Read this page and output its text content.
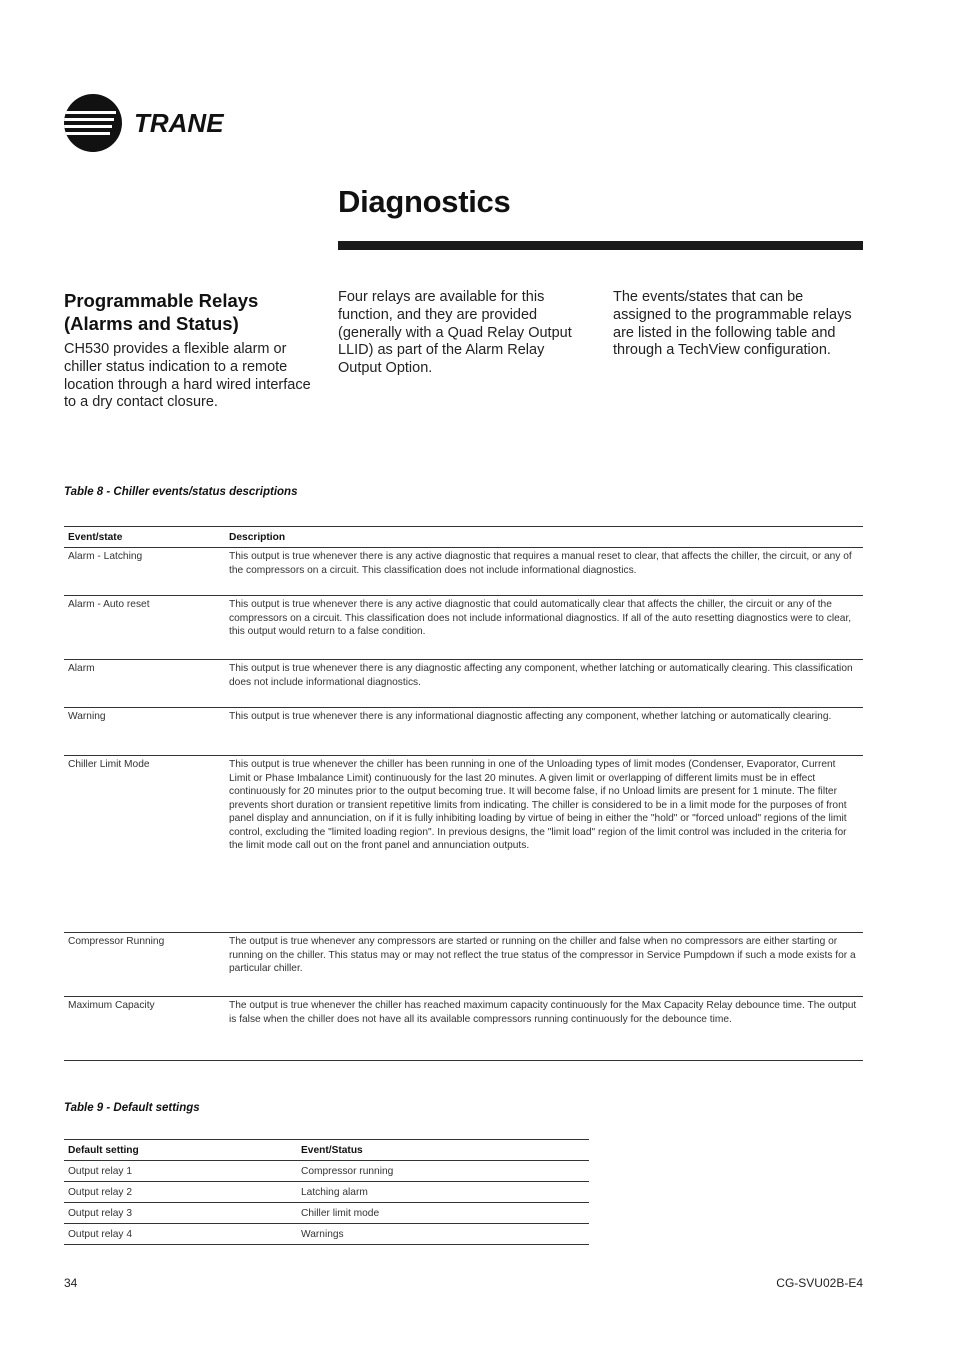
TRANE
Diagnostics
Programmable Relays (Alarms and Status)

CH530 provides a flexible alarm or chiller status indication to a remote location through a hard wired interface to a dry contact closure.

Four relays are available for this function, and they are provided (generally with a Quad Relay Output LLID) as part of the Alarm Relay Output Option.

The events/states that can be assigned to the programmable relays are listed in the following table and through a TechView configuration.

Table 8 - Chiller events/status descriptions
Event/state	Description
Alarm - Latching	This output is true whenever there is any active diagnostic that requires a manual reset to clear, that affects the chiller, the circuit, or any of the compressors on a circuit. This classification does not include informational diagnostics.
Alarm - Auto reset	This output is true whenever there is any active diagnostic that could automatically clear that affects the chiller, the circuit or any of the compressors on a circuit. This classification does not include informational diagnostics. If all of the auto resetting diagnostics were to clear, this output would return to a false condition.
Alarm	This output is true whenever there is any diagnostic affecting any component, whether latching or automatically clearing. This classification does not include informational diagnostics.
Warning	This output is true whenever there is any informational diagnostic affecting any component, whether latching or automatically clearing.
Chiller Limit Mode	This output is true whenever the chiller has been running in one of the Unloading types of limit modes (Condenser, Evaporator, Current Limit or Phase Imbalance Limit) continuously for the last 20 minutes. A given limit or overlapping of different limits must be in effect continuously for 20 minutes prior to the output becoming true. It will become false, if no Unload limits are present for 1 minute. The filter prevents short duration or transient repetitive limits from indicating. The chiller is considered to be in a limit mode for the purposes of front panel display and annunciation, on if it is fully inhibiting loading by virtue of being in either the "hold" or "forced unload" regions of the limit control, excluding the "limited loading region". In previous designs, the "limit load" region of the limit control was included in the criteria for the limit mode call out on the front panel and annunciation outputs.
Compressor Running	The output is true whenever any compressors are started or running on the chiller and false when no compressors are either starting or running on the chiller. This status may or may not reflect the true status of the compressor in Service Pumpdown if such a mode exists for a particular chiller.
Maximum Capacity	The output is true whenever the chiller has reached maximum capacity continuously for the Max Capacity Relay debounce time. The output is false when the chiller does not have all its available compressors running continuously for the debounce time.
Table 9 - Default settings
Default setting	Event/Status
Output relay 1	Compressor running
Output relay 2	Latching alarm
Output relay 3	Chiller limit mode
Output relay 4	Warnings
34	CG-SVU02B-E4
